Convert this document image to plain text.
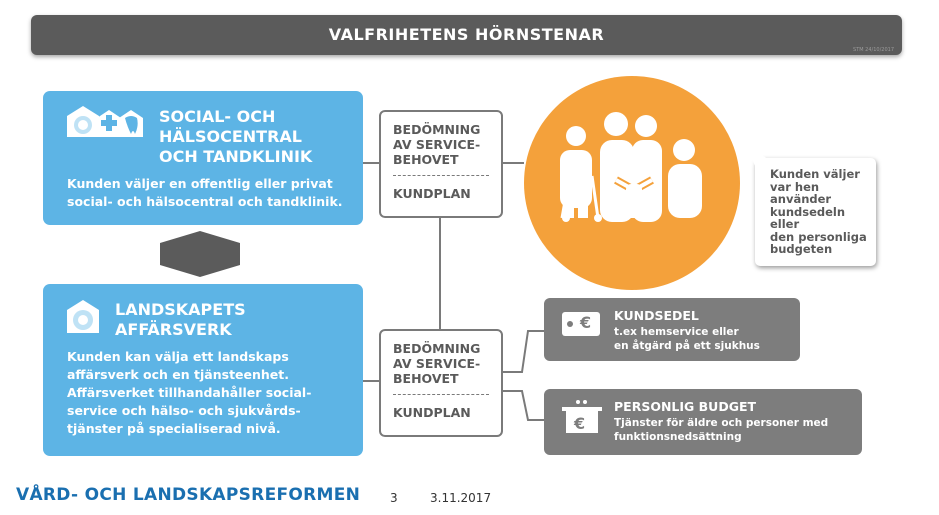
VALFRIHETENS HÖRNSTENAR
STM 24/10/2017
SOCIAL- OCH
HÄLSOCENTRAL
OCH TANDKLINIK
Kunden väljer en offentlig eller privat
social- och hälsocentral och tandklinik.
LANDSKAPETS
AFFÄRSVERK
Kunden kan välja ett landskaps
affärsverk och en tjänsteenhet.
Affärsverket tillhandahåller social-
service och hälso- och sjukvårds-
tjänster på specialiserad nivå.
BEDÖMNING
AV SERVICE-
BEHOVET
KUNDPLAN
BEDÖMNING
AV SERVICE-
BEHOVET
KUNDPLAN
Kunden väljer
var hen
använder
kundsedeln
eller
den personliga
budgeten
€ KUNDSEDEL
t.ex hemservice eller
en åtgärd på ett sjukhus
€
PERSONLIG BUDGET
Tjänster för äldre och personer med
funktionsnedsättning
VÅRD- OCH LANDSKAPSREFORMEN 3	3.11.2017
